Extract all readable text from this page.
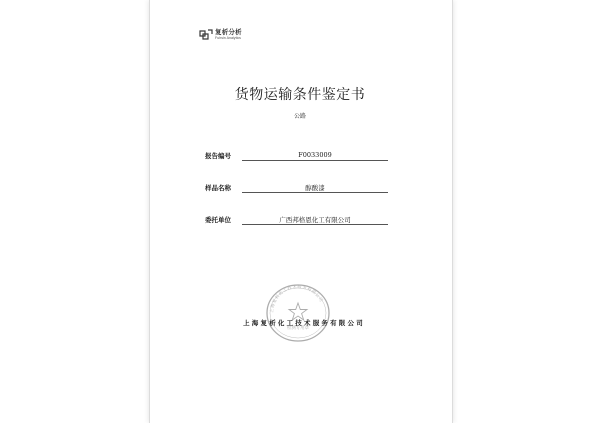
复析分析
Fuhsin Analytics
货物运输条件鉴定书
公路
报告编号	F0033009
样品名称	醇酸漆
委托单位	广西邦格恩化工有限公司
上海复析化工技术服务有限公司
上海复析化工技术服务有限公司
检测专用章
